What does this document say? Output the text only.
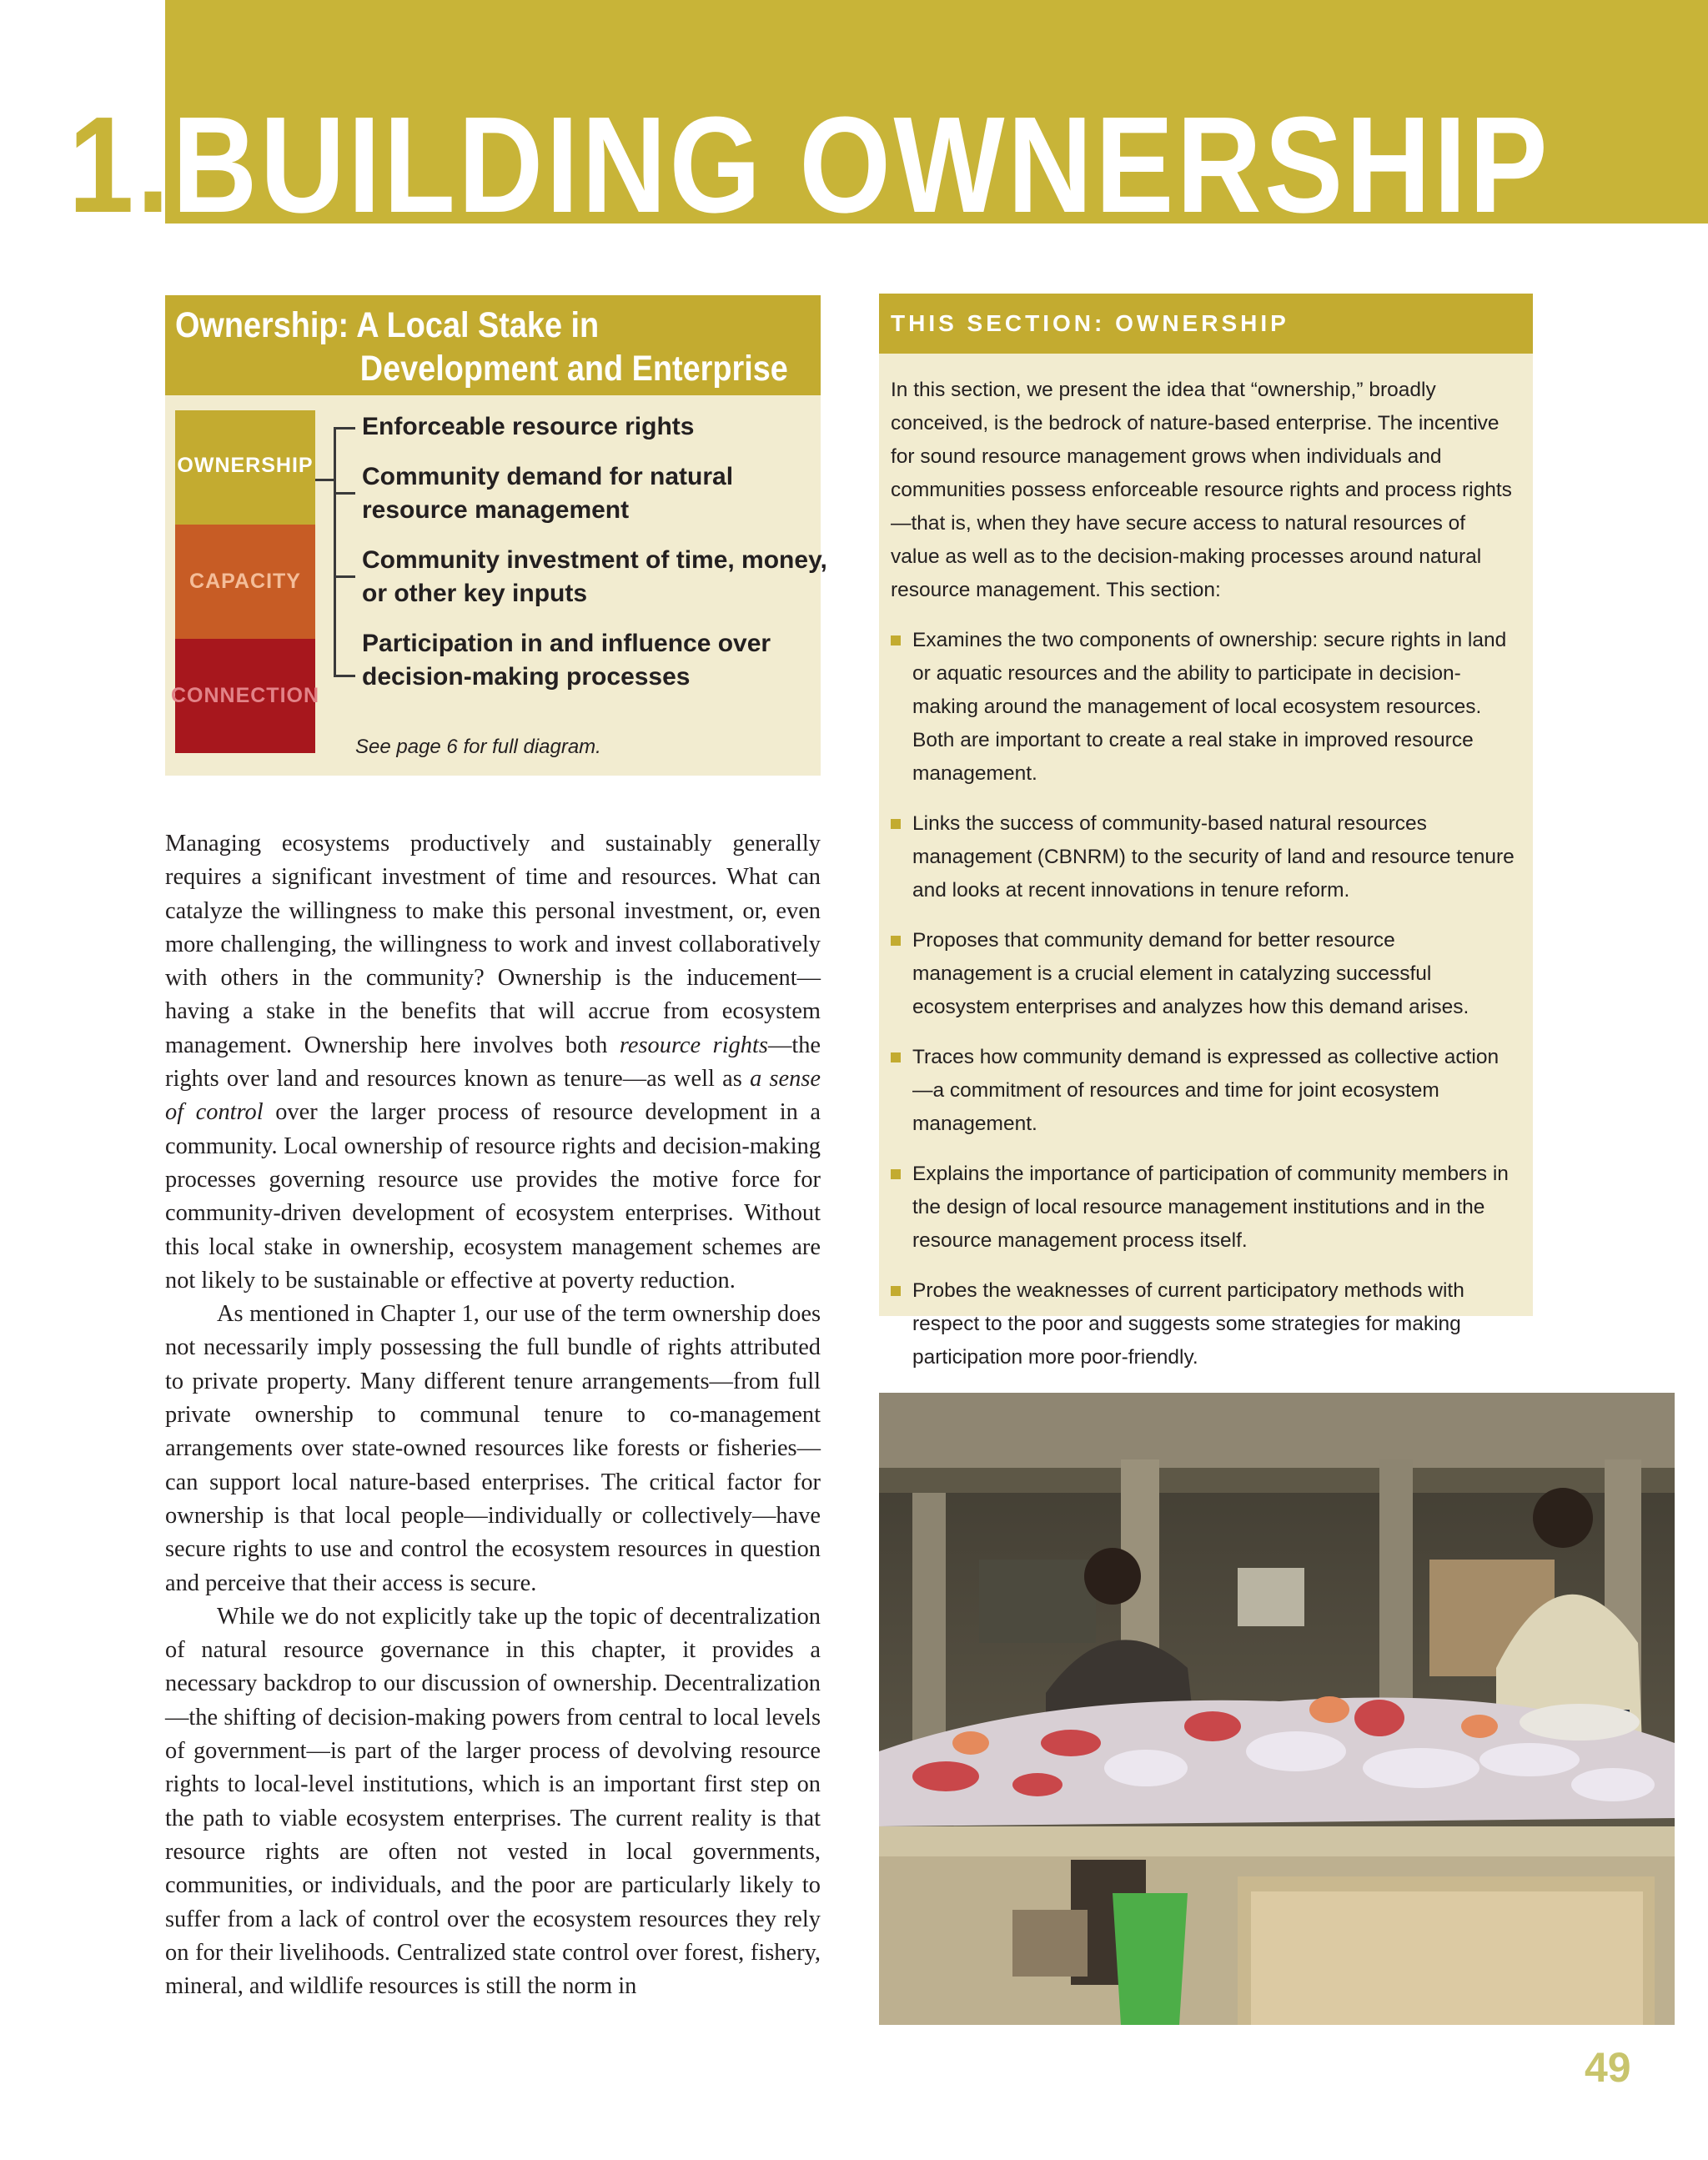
1.BUILDING OWNERSHIP
Ownership: A Local Stake in
Development and Enterprise
OWNERSHIP
CAPACITY
CONNECTION
Enforceable resource rights
Community demand for natural
resource management
Community investment of time, money,
or other key inputs
Participation in and influence over
decision-making processes
See page 6 for full diagram.
THIS SECTION: OWNERSHIP

In this section, we present the idea that “ownership,” broadly conceived, is the bedrock of nature-based enterprise. The incentive for sound resource management grows when individuals and communities possess enforceable resource rights and process rights—that is, when they have secure access to natural resources of value as well as to the decision-making processes around natural resource management. This section:

Examines the two components of ownership: secure rights in land or aquatic resources and the ability to participate in decision-making around the management of local ecosystem resources. Both are important to create a real stake in improved resource management.
Links the success of community-based natural resources management (CBNRM) to the security of land and resource tenure and looks at recent innovations in tenure reform.
Proposes that community demand for better resource management is a crucial element in catalyzing successful ecosystem enterprises and analyzes how this demand arises.
Traces how community demand is expressed as collective action—a commitment of resources and time for joint ecosystem management.
Explains the importance of participation of community members in the design of local resource management institutions and in the resource management process itself.
Probes the weaknesses of current participatory methods with respect to the poor and suggests some strategies for making participation more poor-friendly.

Managing ecosystems productively and sustainably generally requires a significant investment of time and resources. What can catalyze the willingness to make this personal investment, or, even more challenging, the willingness to work and invest collaboratively with others in the community? Ownership is the inducement—having a stake in the benefits that will accrue from ecosystem management. Ownership here involves both resource rights—the rights over land and resources known as tenure—as well as a sense of control over the larger process of resource development in a community. Local ownership of resource rights and decision-making processes governing resource use provides the motive force for community-driven development of ecosystem enterprises. Without this local stake in ownership, ecosystem management schemes are not likely to be sustainable or effective at poverty reduction.

As mentioned in Chapter 1, our use of the term ownership does not necessarily imply possessing the full bundle of rights attributed to private property. Many different tenure arrangements—from full private ownership to communal tenure to co-management arrangements over state-owned resources like forests or fisheries—can support local nature-based enterprises. The critical factor for ownership is that local people—individually or collectively—have secure rights to use and control the ecosystem resources in question and perceive that their access is secure.

While we do not explicitly take up the topic of decentralization of natural resource governance in this chapter, it provides a necessary backdrop to our discussion of ownership. Decentralization—the shifting of decision-making powers from central to local levels of government—is part of the larger process of devolving resource rights to local-level institutions, which is an important first step on the path to viable ecosystem enterprises. The current reality is that resource rights are often not vested in local governments, communities, or individuals, and the poor are particularly likely to suffer from a lack of control over the ecosystem resources they rely on for their livelihoods. Centralized state control over forest, fishery, mineral, and wildlife resources is still the norm in

49
